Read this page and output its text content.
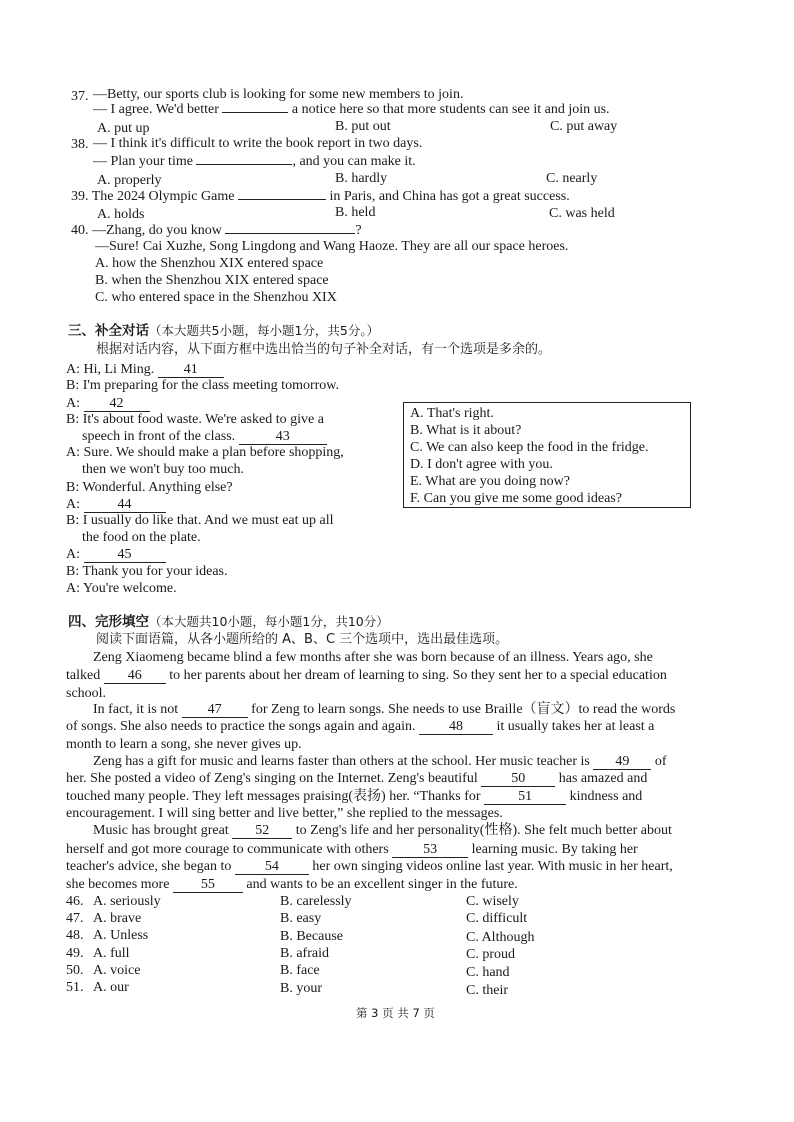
37. —Betty, our sports club is looking for some new members to join.
— I agree. We'd better	a notice here so that more students can see it and join us.
A. put up	B. put out	C. put away
38. — I think it's difficult to write the book report in two days.
— Plan your time	, and you can make it.
A. properly	B. hardly	C. nearly
39. The 2024 Olympic Game	in Paris, and China has got a great success.
A. holds	B. held	C. was held
40. —Zhang, do you know	?
—Sure! Cai Xuzhe, Song Lingdong and Wang Haoze. They are all our space heroes.
A. how the Shenzhou XIX entered space
B. when the Shenzhou XIX entered space
C. who entered space in the Shenzhou XIX
三、补全对话（本大题共5小题，每小题1分，共5分。）
根据对话内容，从下面方框中选出恰当的句子补全对话，有一个选项是多余的。
A: Hi, Li Ming. 41
B: I'm preparing for the class meeting tomorrow.
A: 42
B: It's about food waste. We're asked to give a
speech in front of the class.	43
A: Sure. We should make a plan before shopping,
then we won't buy too much.
B: Wonderful. Anything else?
A:	44
B: I usually do like that. And we must eat up all
the food on the plate.
A:	45
B: Thank you for your ideas.
A: You're welcome.
A. That's right.
B. What is it about?
C. We can also keep the food in the fridge.
D. I don't agree with you.
E. What are you doing now?
F. Can you give me some good ideas?
四、完形填空（本大题共10小题，每小题1分，共10分）
阅读下面语篇，从各小题所给的 A、B、C 三个选项中，选出最佳选项。
Zeng Xiaomeng became blind a few months after she was born because of an illness. Years ago, she
talked 46 to her parents about her dream of learning to sing. So they sent her to a special education
school.
In fact, it is not 47 for Zeng to learn songs. She needs to use Braille（盲文）to read the words
of songs. She also needs to practice the songs again and again. 48 it usually takes her at least a
month to learn a song, she never gives up.
Zeng has a gift for music and learns faster than others at the school. Her music teacher is 49 of
her. She posted a video of Zeng's singing on the Internet. Zeng's beautiful 50 has amazed and
touched many people. They left messages praising(表扬) her. “Thanks for	51	kindness and
encouragement. I will sing better and live better,” she replied to the messages.
Music has brought great 52 to Zeng's life and her personality(性格). She felt much better about
herself and got more courage to communicate with others 53 learning music. By taking her
teacher's advice, she began to 54 her own singing videos online last year. With music in her heart,
she becomes more 55 and wants to be an excellent singer in the future.
46. A. seriously	B. carelessly	C. wisely
47. A. brave	B. easy	C. difficult
48. A. Unless	B. Because	C. Although
49. A. full	B. afraid	C. proud
50. A. voice	B. face	C. hand
51. A. our	B. your	C. their
第 3 页 共 7 页
